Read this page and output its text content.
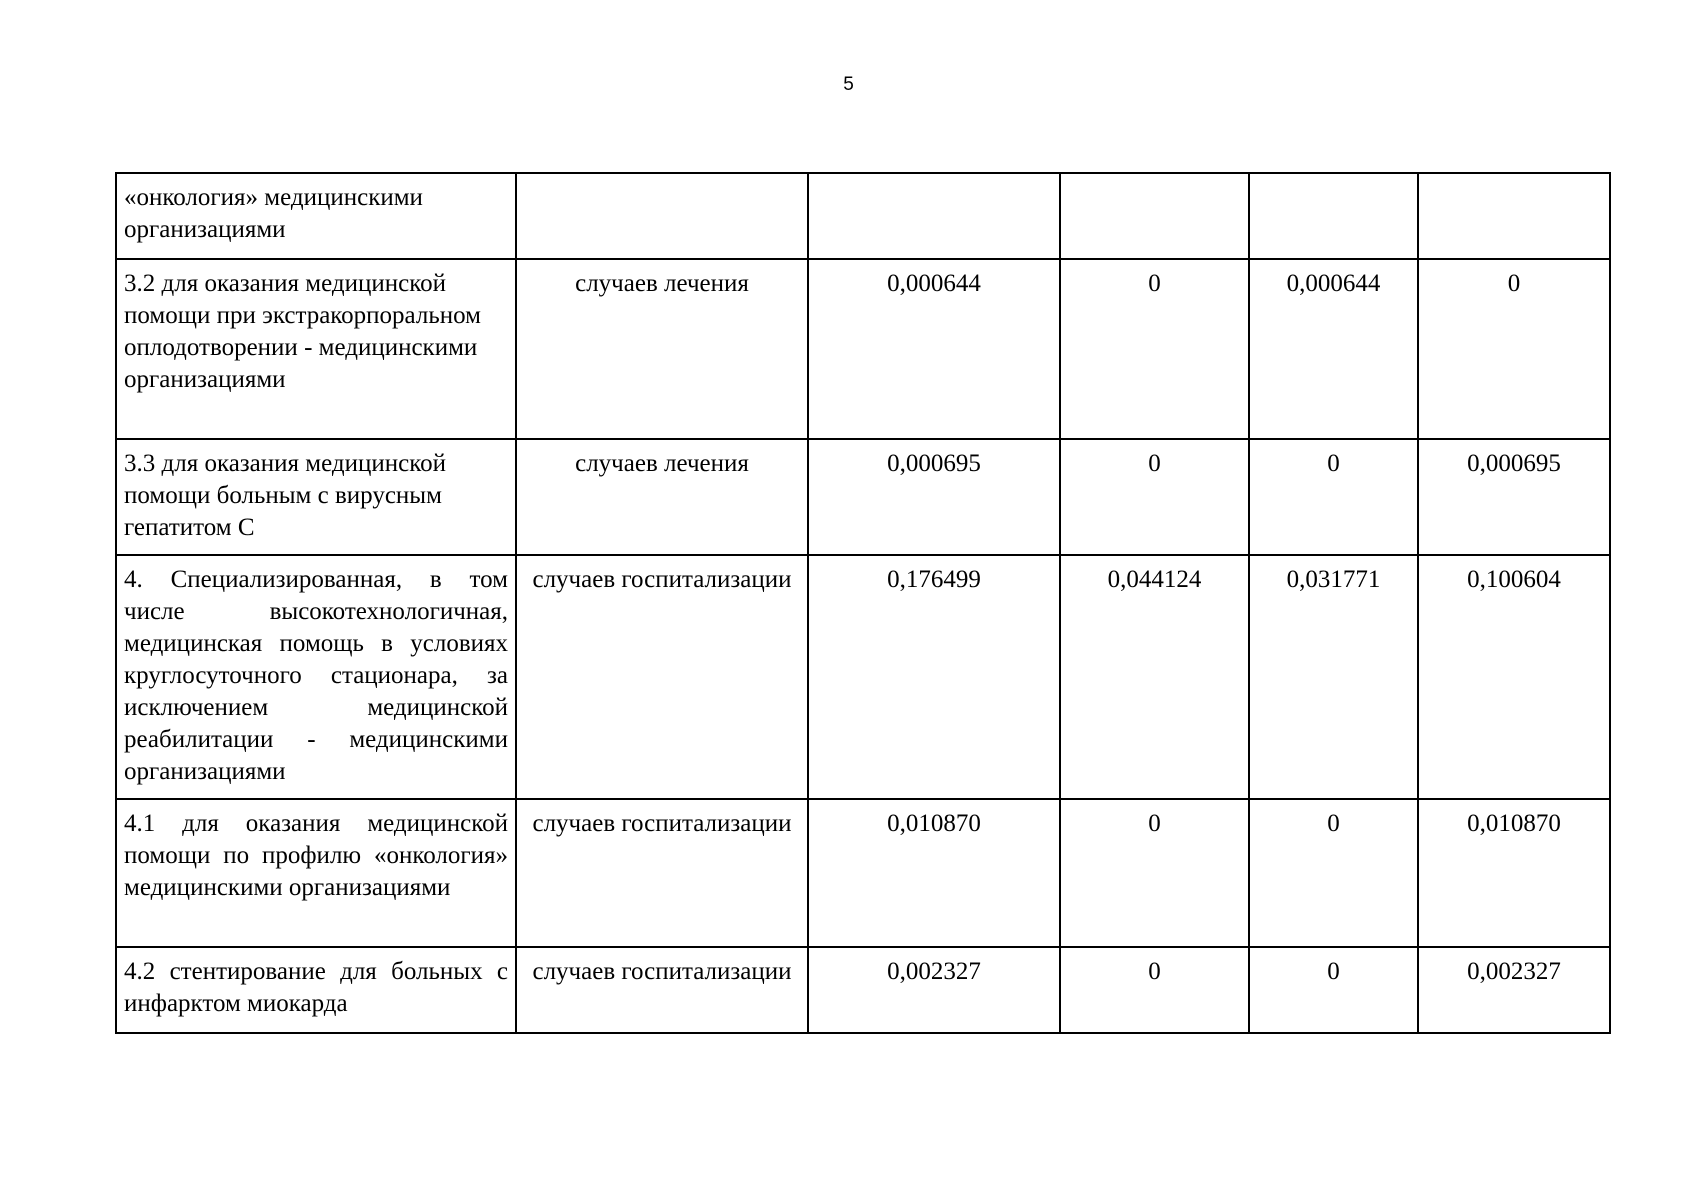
5
«онкология» медицинскими организациями					
3.2 для оказания медицинской помощи при экстракорпоральном оплодотворении - медицинскими организациями	случаев лечения	0,000644	0	0,000644	0
3.3 для оказания медицинской помощи больным с вирусным гепатитом С	случаев лечения	0,000695	0	0	0,000695
4. Специализированная, в том числе высокотехнологичная, медицинская помощь в условиях круглосуточного стационара, за исключением медицинской реабилитации - медицинскими организациями	случаев госпитализации	0,176499	0,044124	0,031771	0,100604
4.1 для оказания медицинской помощи по профилю «онкология» медицинскими организациями	случаев госпитализации	0,010870	0	0	0,010870
4.2 стентирование для больных с инфарктом миокарда	случаев госпитализации	0,002327	0	0	0,002327
